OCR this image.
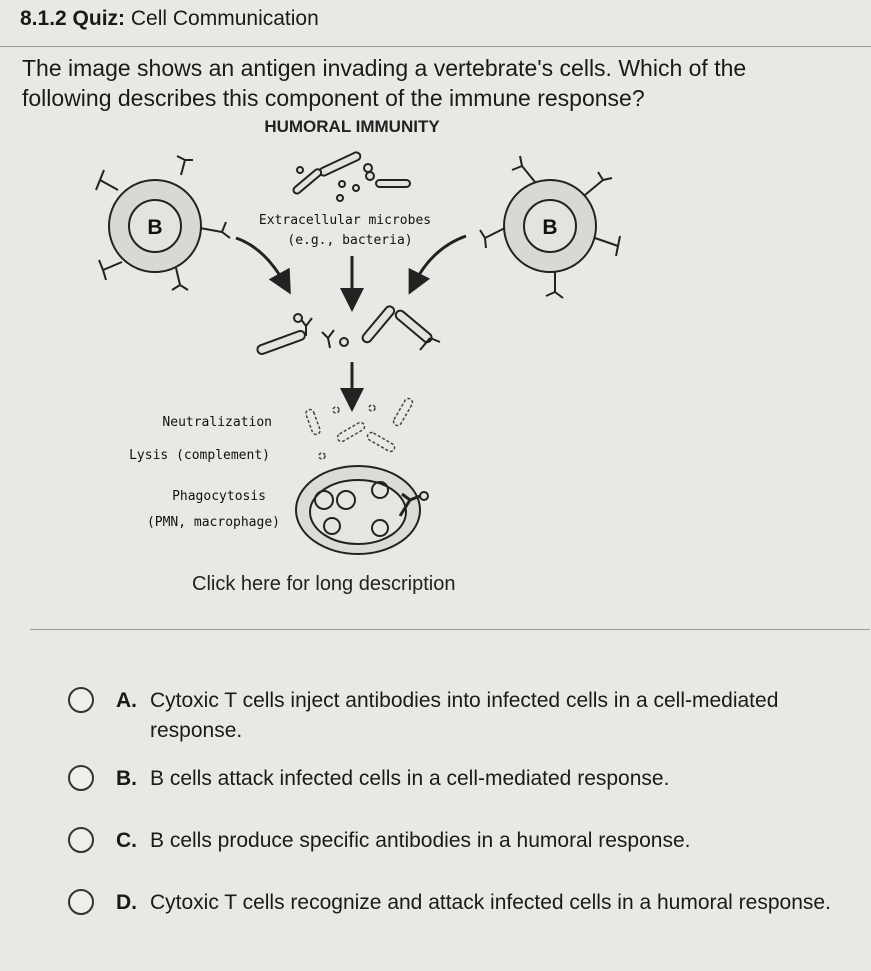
8.1.2 Quiz: Cell Communication
The image shows an antigen invading a vertebrate's cells. Which of the following describes this component of the immune response?
HUMORAL IMMUNITY
B	B
Extracellular microbes
(e.g., bacteria)
Neutralization
Lysis (complement)
Phagocytosis
(PMN, macrophage)
Click here for long description
A. Cytoxic T cells inject antibodies into infected cells in a cell-mediated response.
B. B cells attack infected cells in a cell-mediated response.
C. B cells produce specific antibodies in a humoral response.
D. Cytoxic T cells recognize and attack infected cells in a humoral response.
